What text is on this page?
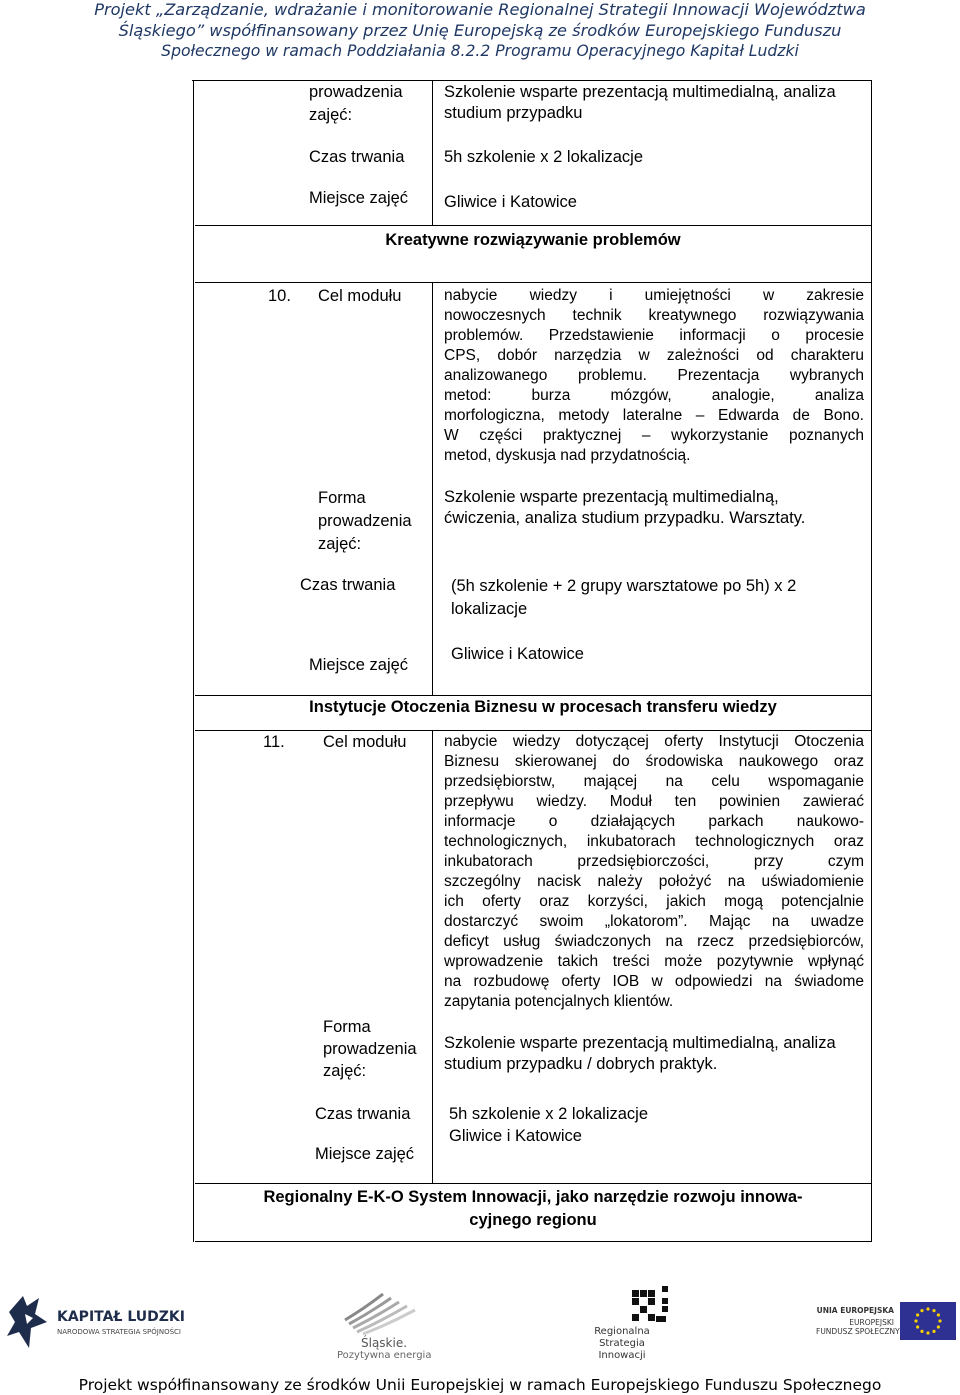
Projekt „Zarządzanie, wdrażanie i monitorowanie Regionalnej Strategii Innowacji Województwa
Śląskiego” współfinansowany przez Unię Europejską ze środków Europejskiego Funduszu
Społecznego w ramach Poddziałania 8.2.2 Programu Operacyjnego Kapitał Ludzki
prowadzenia
zajęć:
Szkolenie wsparte prezentacją multimedialną, analiza
studium przypadku
Czas trwania 5h szkolenie x 2 lokalizacje
Miejsce zajęć Gliwice i Katowice
Kreatywne rozwiązywanie problemów
10. Cel modułu	nabycie wiedzy i umiejętności w zakresie
nowoczesnych technik kreatywnego rozwiązywania
problemów. Przedstawienie informacji o procesie
CPS, dobór narzędzia w zależności od charakteru
analizowanego problemu. Prezentacja wybranych
metod: burza mózgów, analogie, analiza
morfologiczna, metody lateralne – Edwarda de Bono.
W części praktycznej – wykorzystanie poznanych
metod, dyskusja nad przydatnością.
Forma
prowadzenia
zajęć:
Szkolenie wsparte prezentacją multimedialną,
ćwiczenia, analiza studium przypadku. Warsztaty.
Czas trwania	(5h szkolenie + 2 grupy warsztatowe po 5h) x 2
lokalizacje
Miejsce zajęć
Gliwice i Katowice
Instytucje Otoczenia Biznesu w procesach transferu wiedzy
11. Cel modułu nabycie wiedzy dotyczącej oferty Instytucji Otoczenia
Biznesu skierowanej do środowiska naukowego oraz
przedsiębiorstw, mającej na celu wspomaganie
przepływu wiedzy. Moduł ten powinien zawierać
informacje o działających parkach naukowo-
technologicznych, inkubatorach technologicznych oraz
inkubatorach przedsiębiorczości, przy czym
szczególny nacisk należy położyć na uświadomienie
ich oferty oraz korzyści, jakich mogą potencjalnie
dostarczyć swoim „lokatorom”. Mając na uwadze
deficyt usług świadczonych na rzecz przedsiębiorców,
wprowadzenie takich treści może pozytywnie wpłynąć
na rozbudowę oferty IOB w odpowiedzi na świadome
zapytania potencjalnych klientów.
Forma
prowadzenia
zajęć:
Szkolenie wsparte prezentacją multimedialną, analiza
studium przypadku / dobrych praktyk.
Czas trwania 5h szkolenie x 2 lokalizacje
Miejsce zajęć
Gliwice i Katowice
Regionalny E-K-O System Innowacji, jako narzędzie rozwoju innowa-
cyjnego regionu
KAPITAŁ LUDZKI
NARODOWA STRATEGIA SPÓJNOŚCI
Śląskie.
Pozytywna energia
Regionalna
Strategia
Innowacji
UNIA EUROPEJSKA
EUROPEJSKI
FUNDUSZ SPOŁECZNY
Projekt współfinansowany ze środków Unii Europejskiej w ramach Europejskiego Funduszu Społecznego
